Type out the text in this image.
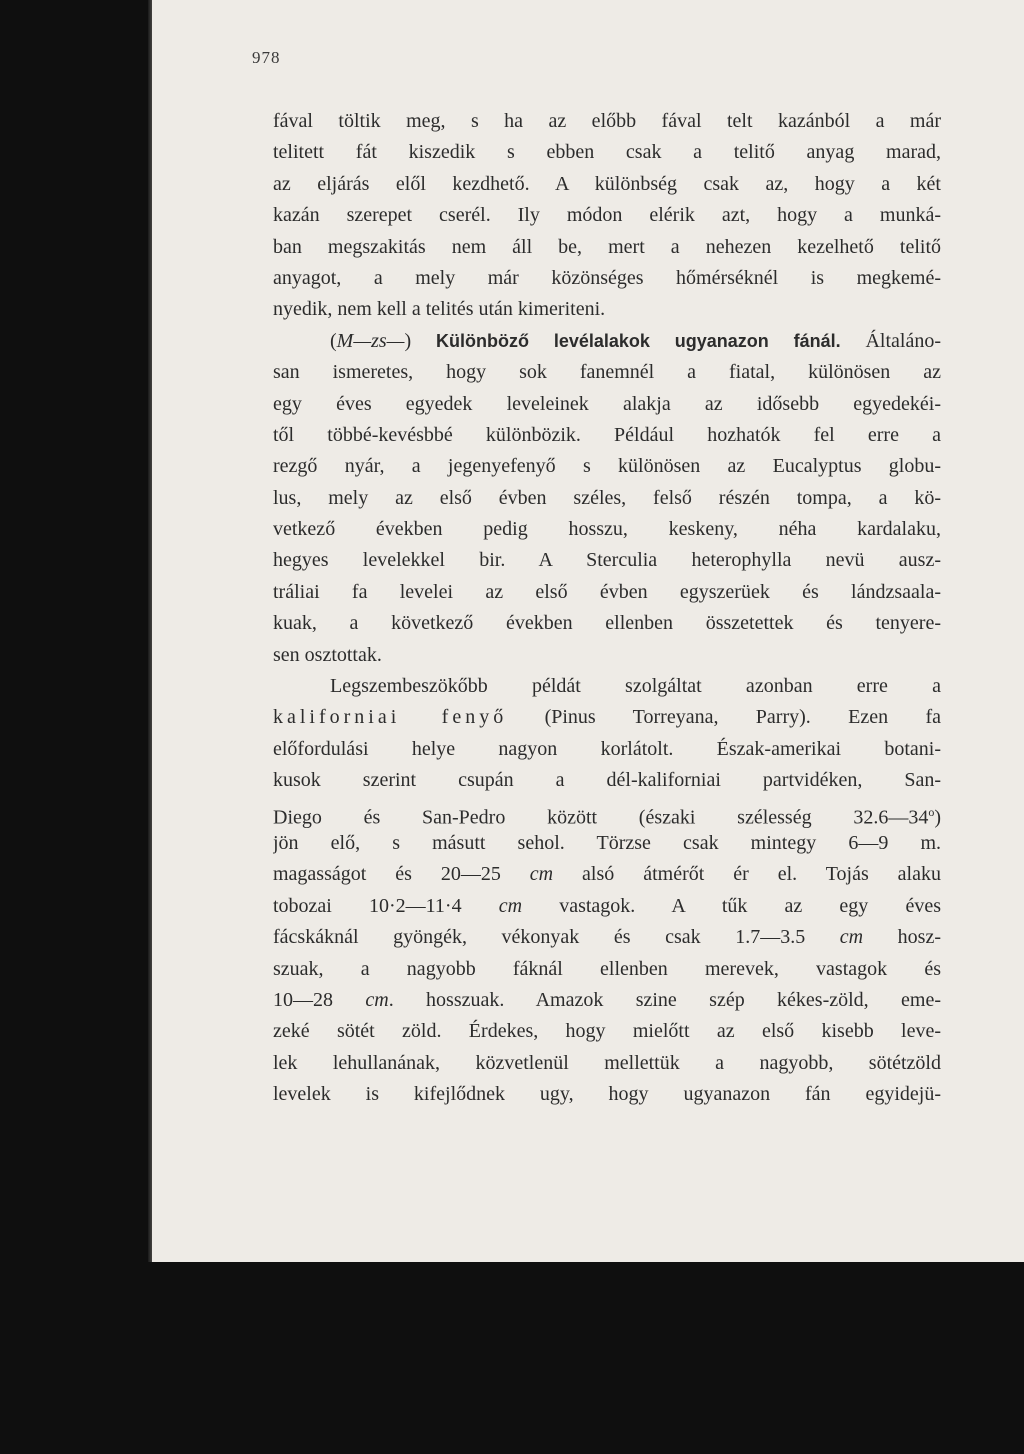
978
fával töltik meg, s ha az előbb fával telt kazánból a már
telitett fát kiszedik s ebben csak a telitő anyag marad,
az eljárás elől kezdhető. A különbség csak az, hogy a két
kazán szerepet cserél. Ily módon elérik azt, hogy a munká-
ban megszakitás nem áll be, mert a nehezen kezelhető telitő
anyagot, a mely már közönséges hőmérséknél is megkemé-
nyedik, nem kell a telités után kimeriteni.
(M—zs—) Különböző levélalakok ugyanazon fánál. Általáno-
san ismeretes, hogy sok fanemnél a fiatal, különösen az
egy éves egyedek leveleinek alakja az idősebb egyedekéi-
től többé-kevésbbé különbözik. Például hozhatók fel erre a
rezgő nyár, a jegenyefenyő s különösen az Eucalyptus globu-
lus, mely az első évben széles, felső részén tompa, a kö-
vetkező években pedig hosszu, keskeny, néha kardalaku,
hegyes levelekkel bir. A Sterculia heterophylla nevü ausz-
tráliai fa levelei az első évben egyszerüek és lándzsaala-
kuak, a következő években ellenben összetettek és tenyere-
sen osztottak.
Legszembeszökőbb példát szolgáltat azonban erre a
kaliforniai fenyő (Pinus Torreyana, Parry). Ezen fa
előfordulási helye nagyon korlátolt. Észak-amerikai botani-
kusok szerint csupán a dél-kaliforniai partvidéken, San-
Diego és San-Pedro között (északi szélesség 32.6—34$^o$)
jön elő, s másutt sehol. Törzse csak mintegy 6—9 m.
magasságot és 20—25 cm alsó átmérőt ér el. Tojás alaku
tobozai 10·2—11·4 cm vastagok. A tűk az egy éves
fácskáknál gyöngék, vékonyak és csak 1.7—3.5 cm hosz-
szuak, a nagyobb fáknál ellenben merevek, vastagok és
10—28 cm. hosszuak. Amazok szine szép kékes-zöld, eme-
zeké sötét zöld. Érdekes, hogy mielőtt az első kisebb leve-
lek lehullanának, közvetlenül mellettük a nagyobb, sötétzöld
levelek is kifejlődnek ugy, hogy ugyanazon fán egyidejü-
